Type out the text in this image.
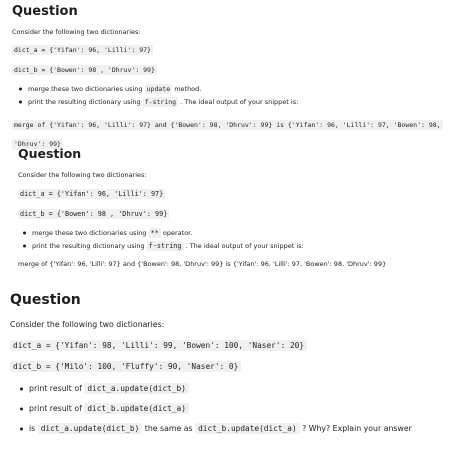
Question

Consider the following two dictionaries:

dict_a = {'Yifan': 96, 'Lilli': 97}
dict_b = {'Bowen': 98 , 'Dhruv': 99}
merge these two dictionaries using update method.
print the resulting dictionary using f-string . The ideal output of your snippet is:
merge of {'Yifan': 96, 'Lilli': 97} and {'Bowen': 98, 'Dhruv': 99} is {'Yifan': 96, 'Lilli': 97, 'Bowen': 98,
'Dhruv': 99}
Question

Consider the following two dictionaries:

dict_a = {'Yifan': 96, 'Lilli': 97}
dict_b = {'Bowen': 98 , 'Dhruv': 99}
merge these two dictionaries using ** operator.
print the resulting dictionary using f-string . The ideal output of your snippet is:

merge of {'Yifan': 96, 'Lilli': 97} and {'Bowen': 98, 'Dhruv': 99} is {'Yifan': 96, 'Lilli': 97, 'Bowen': 98, 'Dhruv': 99}

Question

Consider the following two dictionaries:

dict_a = {'Yifan': 98, 'Lilli': 99, 'Bowen': 100, 'Naser': 20}
dict_b = {'Milo': 100, 'Fluffy': 90, 'Naser': 0}
print result of dict_a.update(dict_b)
print result of dict_b.update(dict_a)
is dict_a.update(dict_b) the same as dict_b.update(dict_a) ? Why? Explain your answer
